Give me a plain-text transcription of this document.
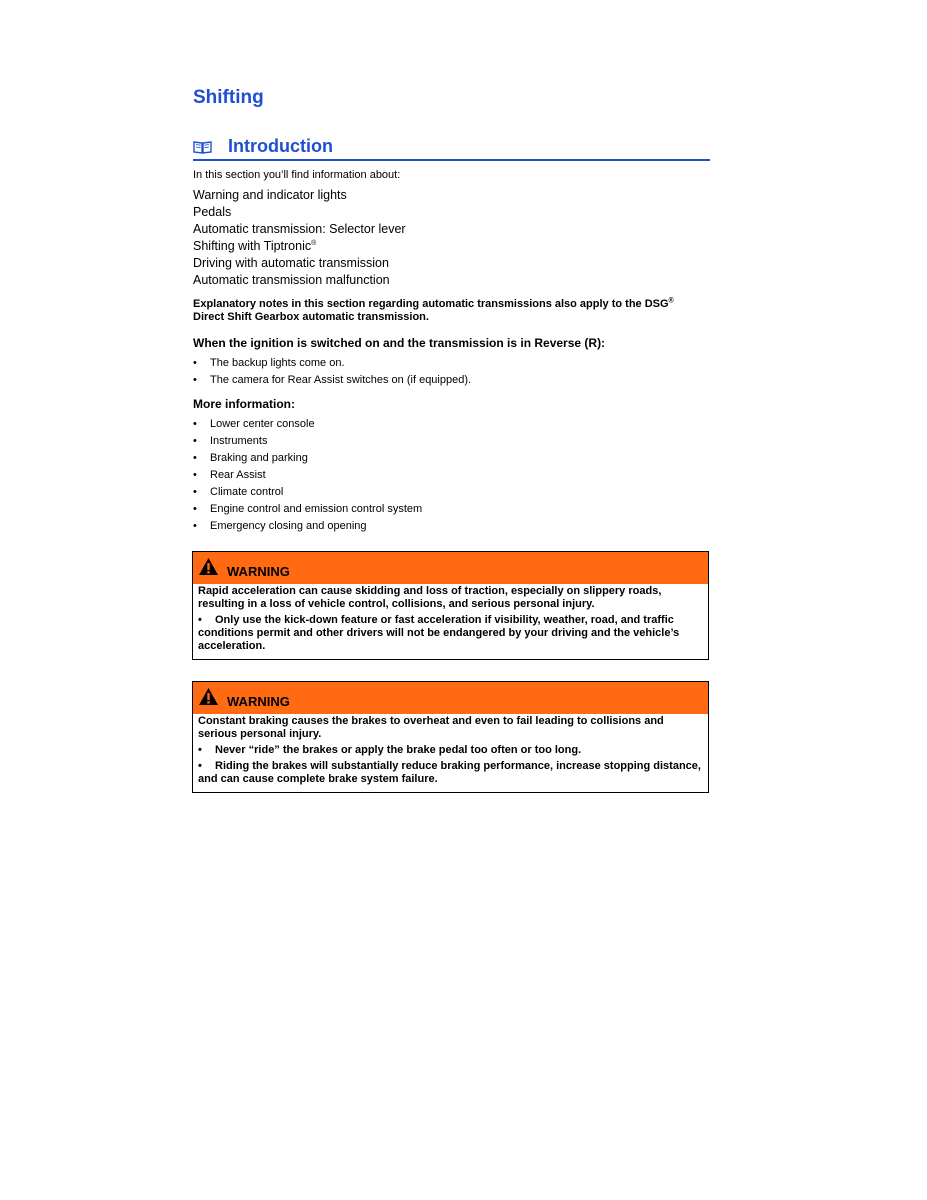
Shifting
Introduction
In this section you’ll find information about:
Warning and indicator lights
Pedals
Automatic transmission: Selector lever
Shifting with Tiptronic®
Driving with automatic transmission
Automatic transmission malfunction
Explanatory notes in this section regarding automatic transmissions also apply to the DSG®
Direct Shift Gearbox automatic transmission.
When the ignition is switched on and the transmission is in Reverse (R):
• The backup lights come on.
• The camera for Rear Assist switches on (if equipped).
More information:
• Lower center console
• Instruments
• Braking and parking
• Rear Assist
• Climate control
• Engine control and emission control system
• Emergency closing and opening
WARNING

Rapid acceleration can cause skidding and loss of traction, especially on slippery roads, resulting in a loss of vehicle control, collisions, and serious personal injury.

• Only use the kick-down feature or fast acceleration if visibility, weather, road, and traffic conditions permit and other drivers will not be endangered by your driving and the vehicle’s acceleration.

WARNING

Constant braking causes the brakes to overheat and even to fail leading to collisions and serious personal injury.

• Never “ride” the brakes or apply the brake pedal too often or too long.

• Riding the brakes will substantially reduce braking performance, increase stopping distance, and can cause complete brake system failure.
